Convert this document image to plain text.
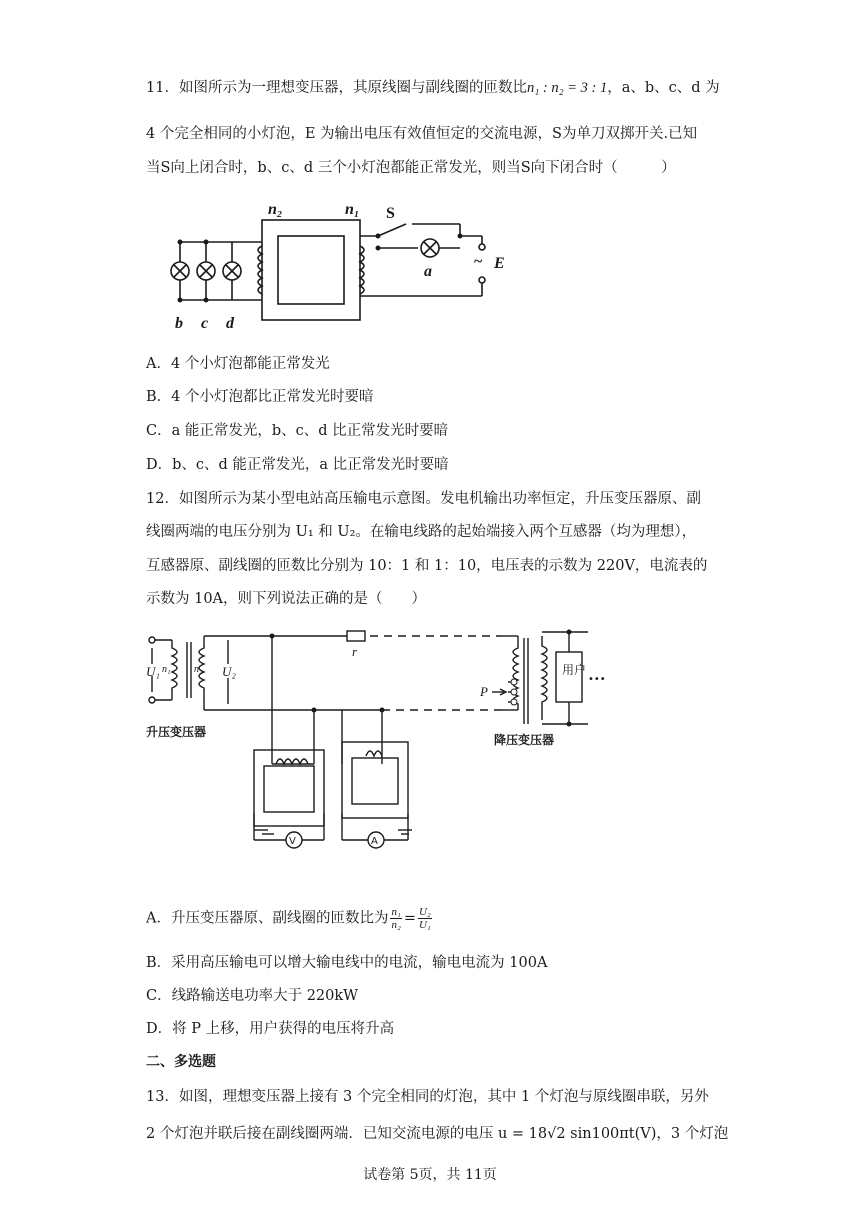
11．如图所示为一理想变压器，其原线圈与副线圈的匝数比n₁ : n₂ = 3 : 1，a、b、c、d 为
4 个完全相同的小灯泡，E 为输出电压有效值恒定的交流电源，S为单刀双掷开关.已知
当S向上闭合时，b、c、d 三个小灯泡都能正常发光，则当S向下闭合时（　　　）
n₂	n₁ S
a
~ E
b c d
A．4 个小灯泡都能正常发光
B．4 个小灯泡都比正常发光时要暗
C．a 能正常发光，b、c、d 比正常发光时要暗
D．b、c、d 能正常发光，a 比正常发光时要暗
12．如图所示为某小型电站高压输电示意图。发电机输出功率恒定，升压变压器原、副
线圈两端的电压分别为 U₁ 和 U₂。在输电线路的起始端接入两个互感器（均为理想），
互感器原、副线圈的匝数比分别为 10：1 和 1：10，电压表的示数为 220V，电流表的
示数为 10A，则下列说法正确的是（　　）
U₁ n₁ n₂ U₂
r
P
用户
•••
升压变压器
降压变压器
V	A
A．升压变压器原、副线圈的匝数比为 $\frac{\text{n₁}}{\text{n₂}} = \frac{\text{U₂}}{\text{U₁}}$
B．采用高压输电可以增大输电线中的电流，输电电流为 100A
C．线路输送电功率大于 220kW
D．将 P 上移，用户获得的电压将升高
二、多选题
13．如图，理想变压器上接有 3 个完全相同的灯泡，其中 1 个灯泡与原线圈串联，另外
2 个灯泡并联后接在副线圈两端．已知交流电源的电压 u = 18√2 sin100πt(V)，3 个灯泡
试卷第 5页，共 11页
